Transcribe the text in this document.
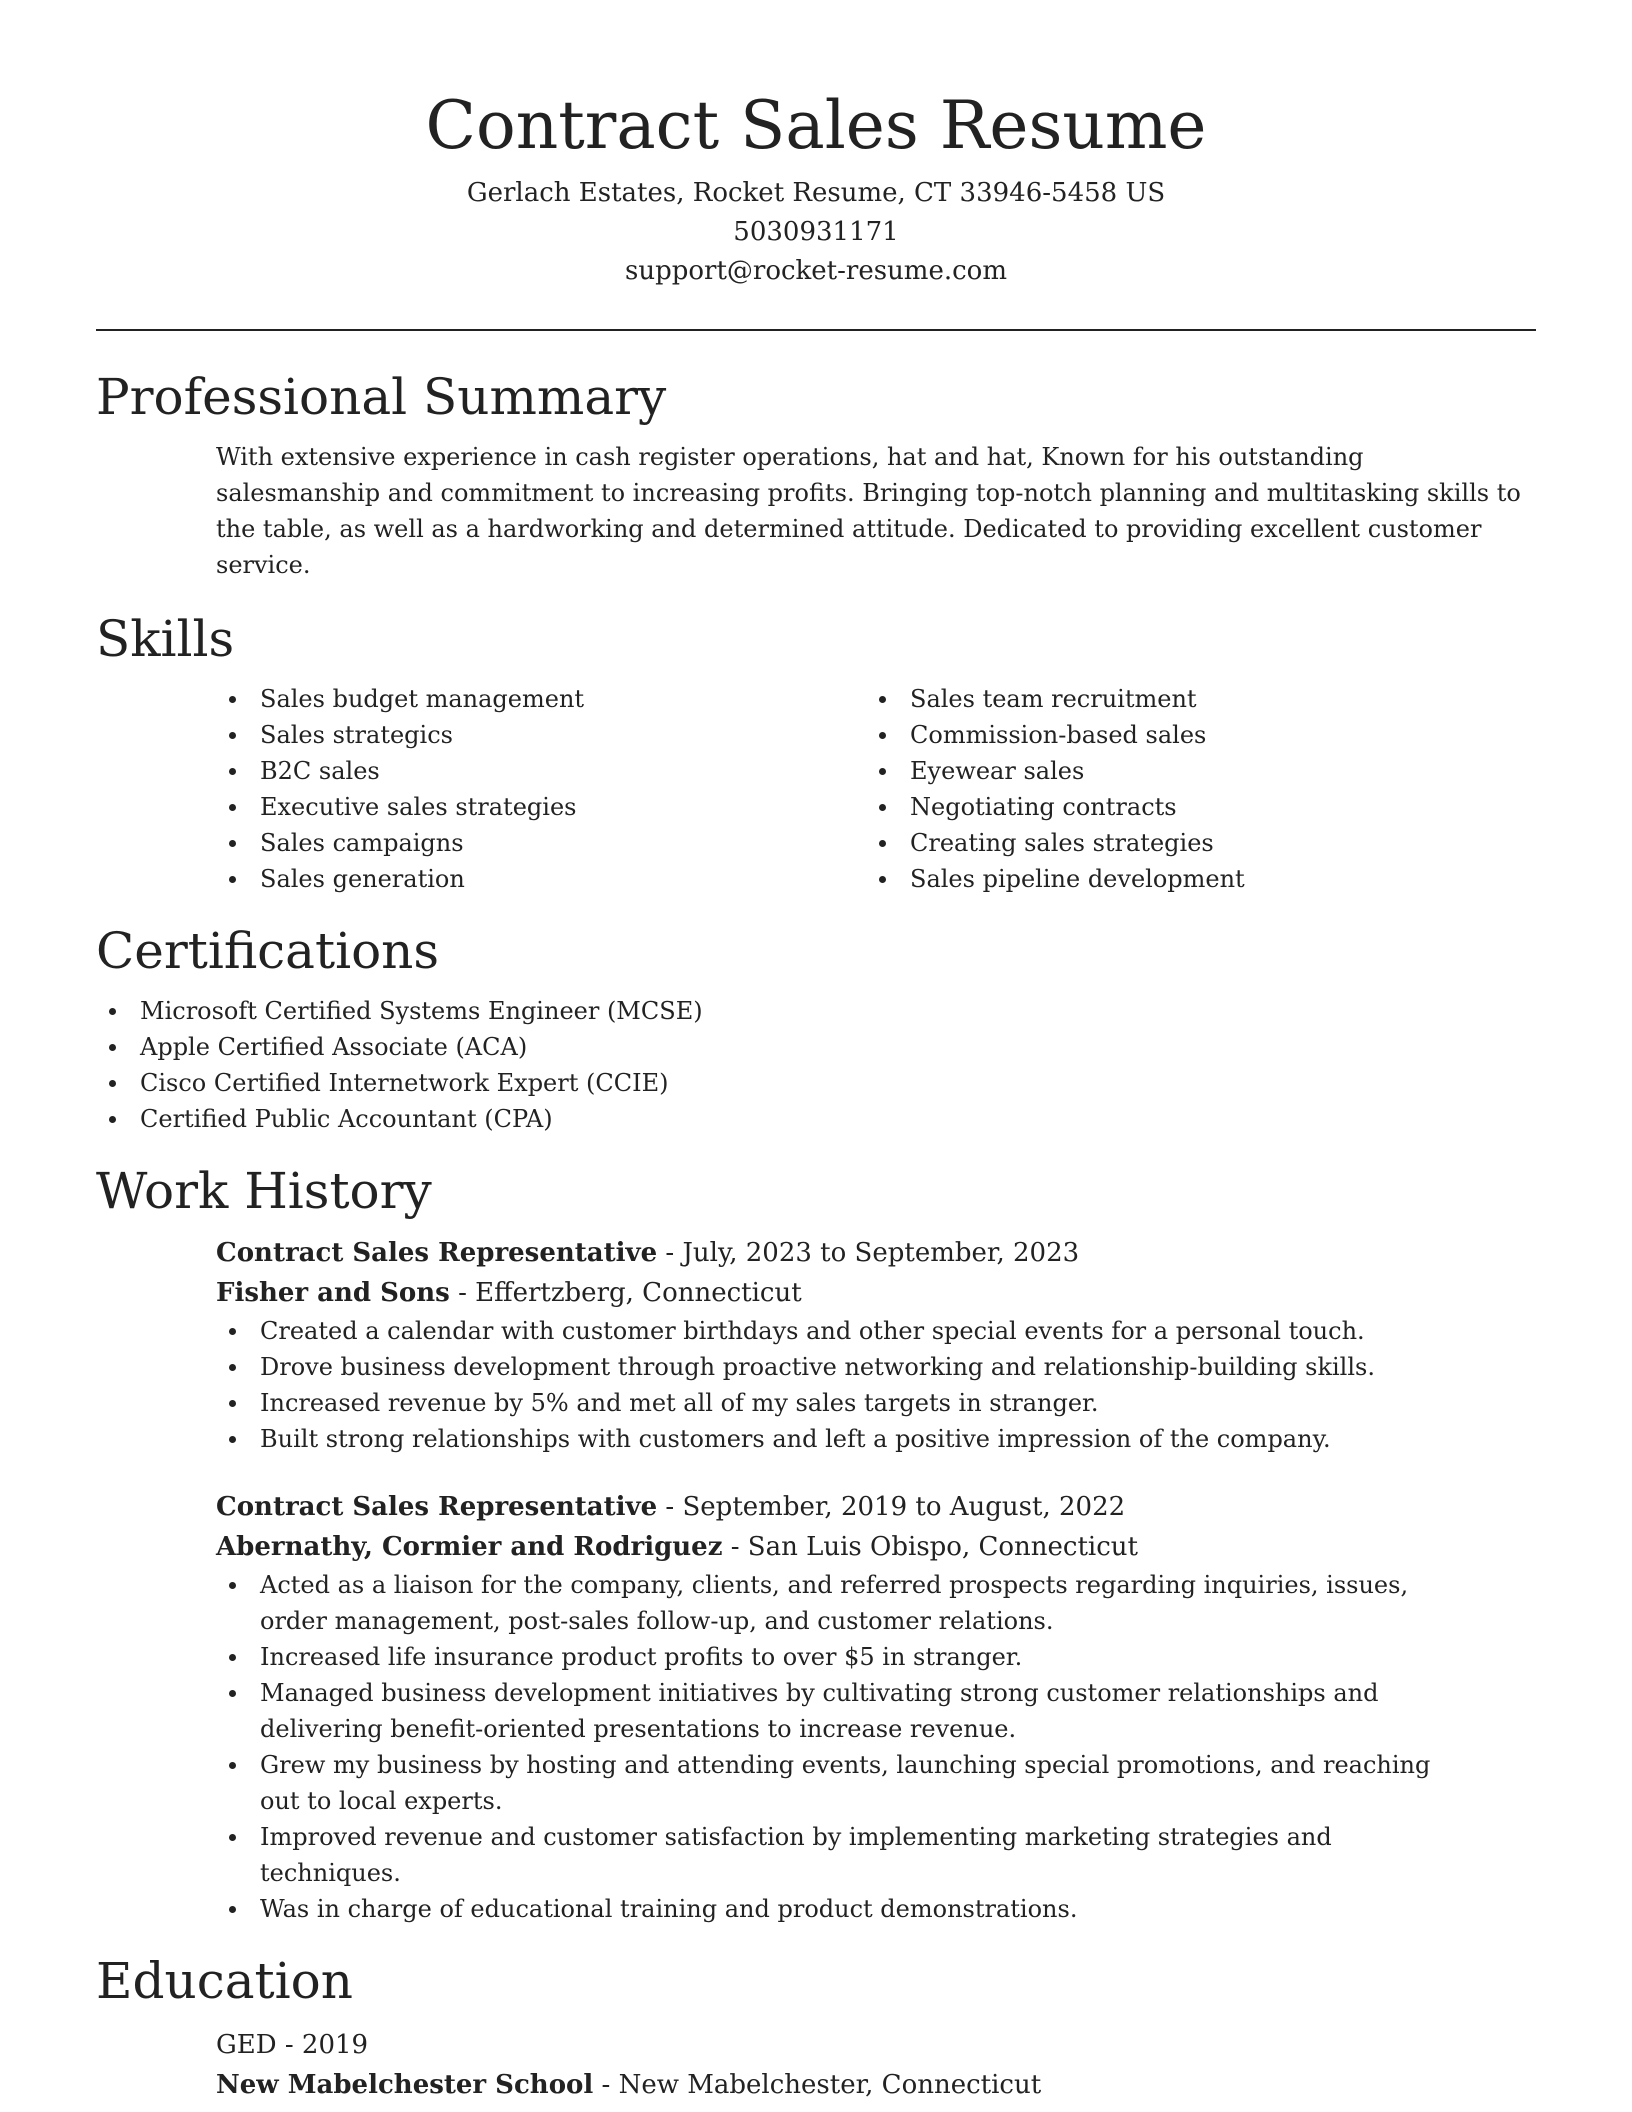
Contract Sales Resume

Gerlach Estates, Rocket Resume, CT 33946-5458 US

5030931171

support@rocket-resume.com

Professional Summary

With extensive experience in cash register operations, hat and hat, Known for his outstanding salesmanship and commitment to increasing profits. Bringing top-notch planning and multitasking skills to the table, as well as a hardworking and determined attitude. Dedicated to providing excellent customer service.

Skills
Sales budget management
Sales strategics
B2C sales
Executive sales strategies
Sales campaigns
Sales generation
Sales team recruitment
Commission-based sales
Eyewear sales
Negotiating contracts
Creating sales strategies
Sales pipeline development
Certifications
Microsoft Certified Systems Engineer (MCSE)
Apple Certified Associate (ACA)
Cisco Certified Internetwork Expert (CCIE)
Certified Public Accountant (CPA)
Work History

Contract Sales Representative - July, 2023 to September, 2023

Fisher and Sons - Effertzberg, Connecticut

Created a calendar with customer birthdays and other special events for a personal touch.
Drove business development through proactive networking and relationship-building skills.
Increased revenue by 5% and met all of my sales targets in stranger.
Built strong relationships with customers and left a positive impression of the company.

Contract Sales Representative - September, 2019 to August, 2022

Abernathy, Cormier and Rodriguez - San Luis Obispo, Connecticut

Acted as a liaison for the company, clients, and referred prospects regarding inquiries, issues, order management, post-sales follow-up, and customer relations.
Increased life insurance product profits to over $5 in stranger.
Managed business development initiatives by cultivating strong customer relationships and delivering benefit-oriented presentations to increase revenue.
Grew my business by hosting and attending events, launching special promotions, and reaching out to local experts.
Improved revenue and customer satisfaction by implementing marketing strategies and techniques.
Was in charge of educational training and product demonstrations.
Education

GED - 2019

New Mabelchester School - New Mabelchester, Connecticut
